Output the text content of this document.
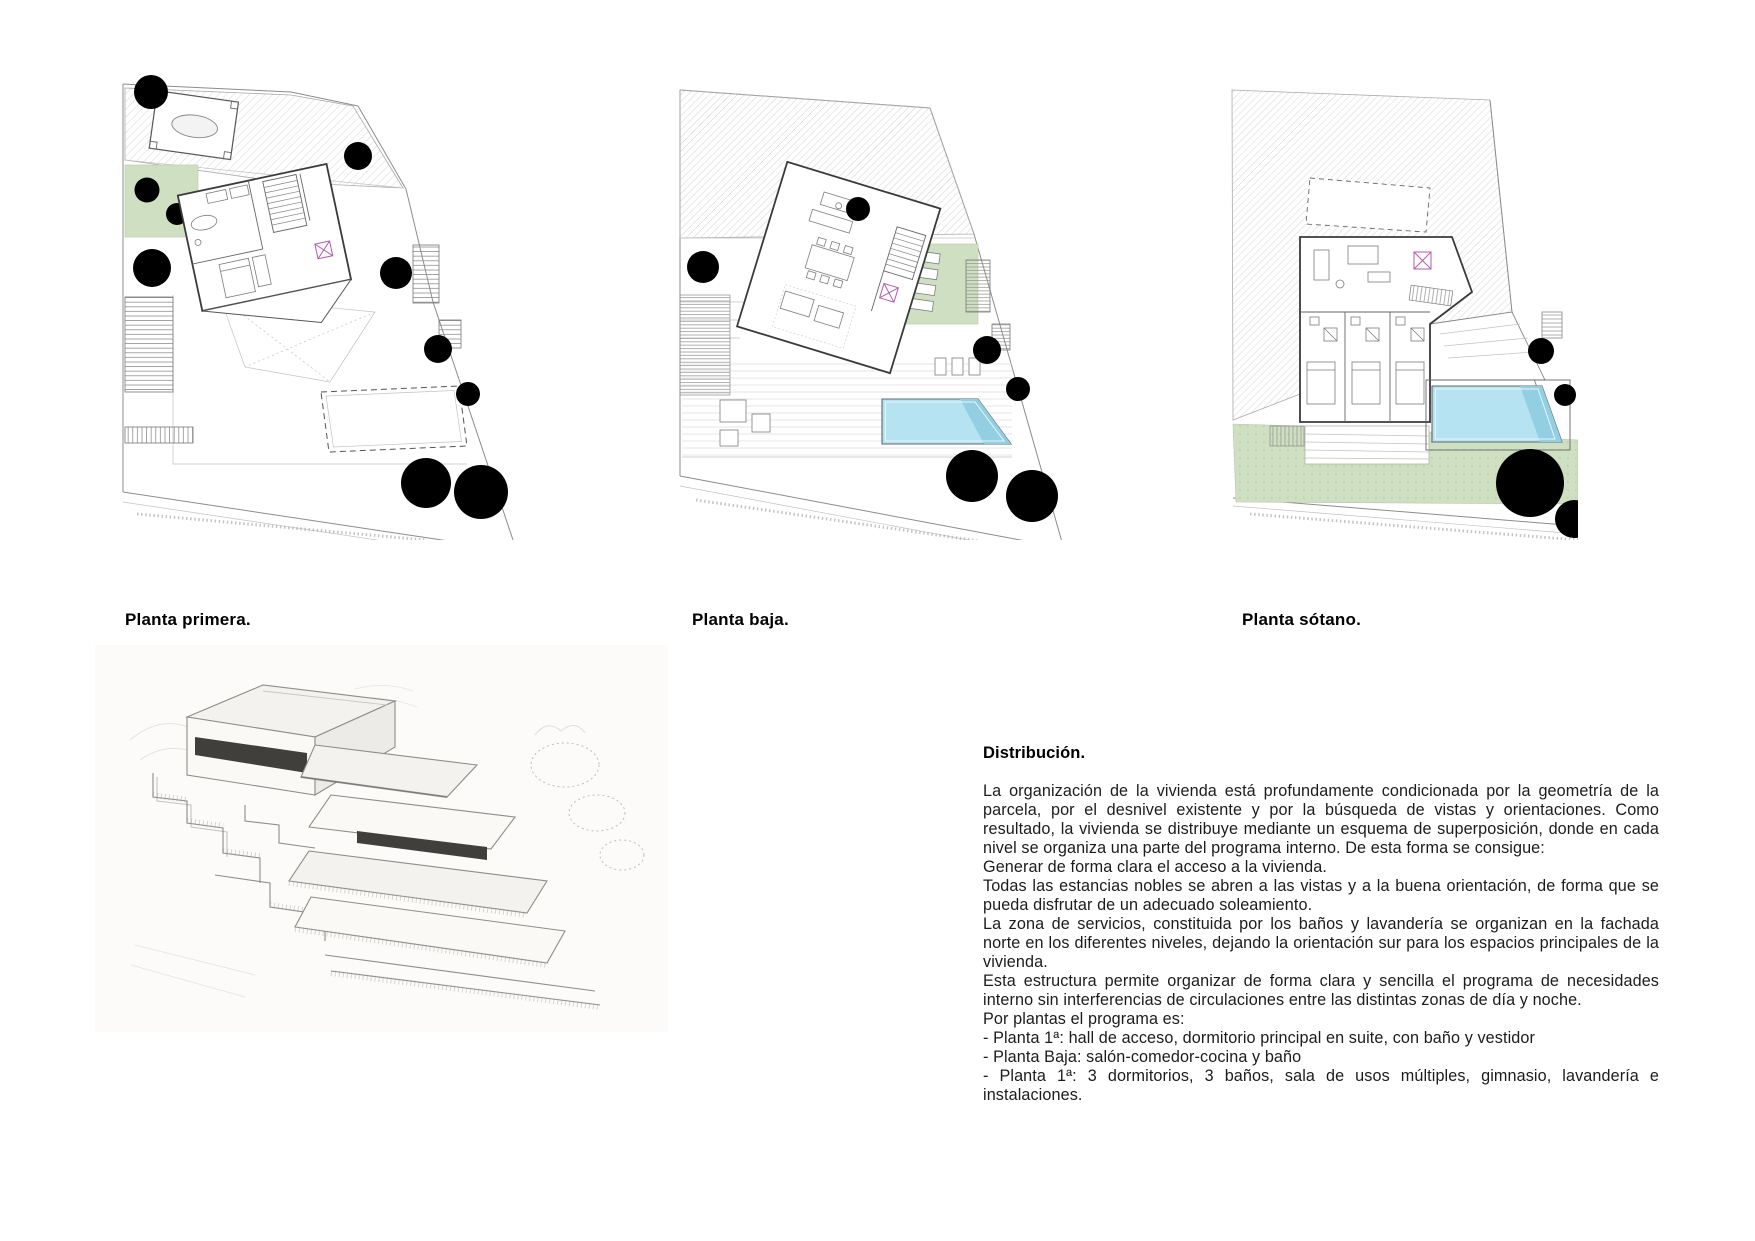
Planta primera.	Planta baja.	Planta sótano.
Distribución.

La organización de la vivienda está profundamente condicionada por la geometría de la parcela, por el desnivel existente y por la búsqueda de vistas y orientaciones. Como resultado, la vivienda se distribuye mediante un esquema de superposición, donde en cada nivel se organiza una parte del programa interno. De esta forma se consigue:

Generar de forma clara el acceso a la vivienda.

Todas las estancias nobles se abren a las vistas y a la buena orientación, de forma que se pueda disfrutar de un adecuado soleamiento.

La zona de servicios, constituida por los baños y lavandería se organizan en la fachada norte en los diferentes niveles, dejando la orientación sur para los espacios principales de la vivienda.

Esta estructura permite organizar de forma clara y sencilla el programa de necesidades interno sin interferencias de circulaciones entre las distintas zonas de día y noche.

Por plantas el programa es:

- Planta 1ª: hall de acceso, dormitorio principal en suite, con baño y vestidor

- Planta Baja: salón-comedor-cocina y baño

- Planta 1ª: 3 dormitorios, 3 baños, sala de usos múltiples, gimnasio, lavandería e instalaciones.
